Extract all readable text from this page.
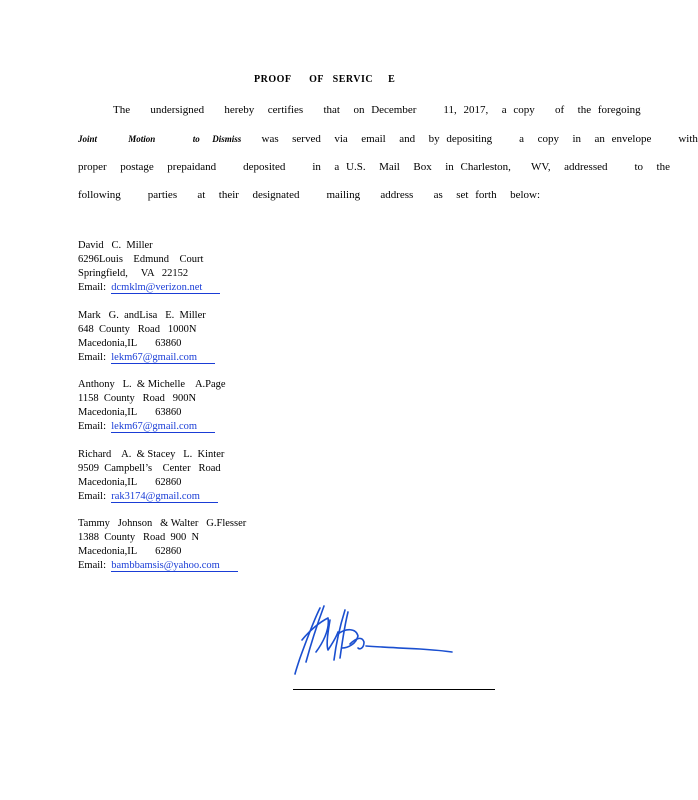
PROOF      OF   SERVIC     E
The   undersigned   hereby  certifies   that  on December    11, 2017,  a copy   of  the foregoing
Joint     Motion      to  Dismiss   was  served  via  email  and  by depositing    a  copy  in  an envelope    with
proper  postage  prepaidand    deposited    in  a U.S.  Mail  Box  in Charleston,   WV,  addressed    to  the
following    parties   at  their  designated    mailing   address   as  set forth  below:
David   C.  Miller
6296Louis    Edmund    Court
Springfield,     VA   22152
Email:  dcmklm@verizon.net
Mark   G.  andLisa   E.  Miller
648  County   Road   1000N
Macedonia,IL       63860
Email:  lekm67@gmail.com
Anthony   L.  & Michelle    A.Page
1158  County   Road   900N
Macedonia,IL       63860
Email:  lekm67@gmail.com
Richard    A.  & Stacey   L.  Kinter
9509  Campbell’s    Center   Road
Macedonia,IL       62860
Email:  rak3174@gmail.com
Tammy   Johnson   & Walter   G.Flesser
1388  County   Road  900  N
Macedonia,IL       62860
Email:  bambbamsis@yahoo.com
